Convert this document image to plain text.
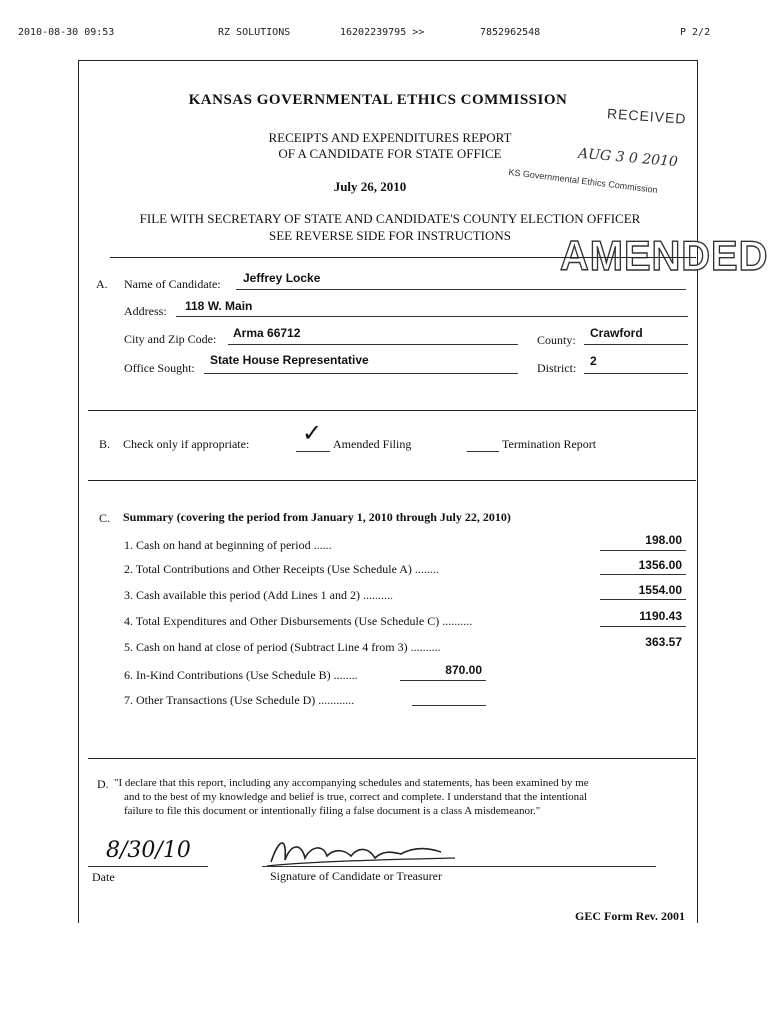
2010-08-30 09:53	RZ SOLUTIONS	16202239795 >>	7852962548	P 2/2
KANSAS GOVERNMENTAL ETHICS COMMISSION
RECEIPTS AND EXPENDITURES REPORT
OF A CANDIDATE FOR STATE OFFICE
July 26, 2010
FILE WITH SECRETARY OF STATE AND CANDIDATE'S COUNTY ELECTION OFFICER
SEE REVERSE SIDE FOR INSTRUCTIONS
RECEIVED
AUG 3 0 2010
KS Governmental Ethics Commission
AMENDED
A. Name of Candidate: Jeffrey Locke
Address: 118 W. Main
City and Zip Code: Arma 66712	County: Crawford
Office Sought:
State House Representative
District: 2
B. Check only if appropriate: ✓ Amended Filing	Termination Report
C. Summary (covering the period from January 1, 2010 through July 22, 2010)
1. Cash on hand at beginning of period ......	198.00
2. Total Contributions and Other Receipts (Use Schedule A) ........	1356.00
3. Cash available this period (Add Lines 1 and 2) ..........	1554.00
4. Total Expenditures and Other Disbursements (Use Schedule C) ..........	1190.43
5. Cash on hand at close of period (Subtract Line 4 from 3) ..........	363.57
6. In-Kind Contributions (Use Schedule B) ........	870.00
7. Other Transactions (Use Schedule D) ............
D. "I declare that this report, including any accompanying schedules and statements, has been examined by me
and to the best of my knowledge and belief is true, correct and complete. I understand that the intentional
failure to file this document or intentionally filing a false document is a class A misdemeanor."
8/30/10
Date	Signature of Candidate or Treasurer
GEC Form Rev. 2001
